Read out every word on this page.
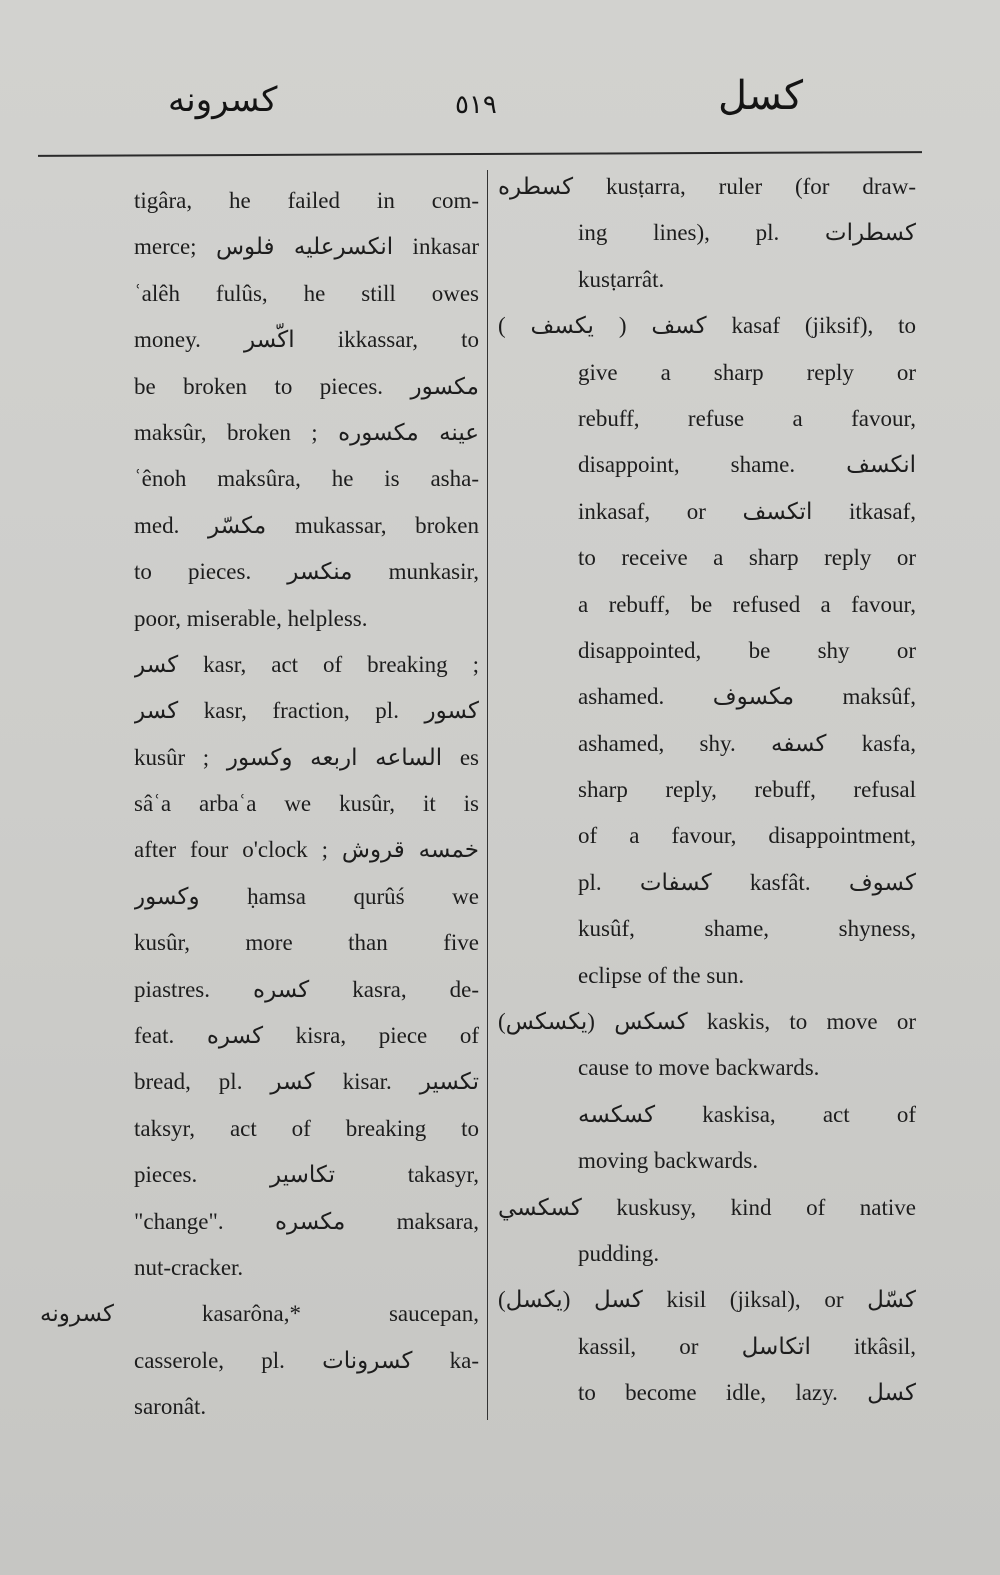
كسرونه	٥١٩	كسل
tigâra, he failed in com-
merce; انكسرعليه فلوس inkasar
ʿalêh fulûs, he still owes
money. اكّسر ikkassar, to
be broken to pieces. مكسور
maksûr, broken ; عينه مكسوره
ʿênoh maksûra, he is asha-
med. مكسّر mukassar, broken
to pieces. منكسر munkasir,
poor, miserable, helpless.
كسر kasr, act of breaking ;
كسر kasr, fraction, pl. كسور
kusûr ; الساعه اربعه وكسور es
sâʿa arbaʿa we kusûr, it is
after four o'clock ; خمسه قروش
وكسور ḥamsa qurûś we
kusûr, more than five
piastres. كسره kasra, de-
feat. كسره kisra, piece of
bread, pl. كسر kisar. تكسير
taksyr, act of breaking to
pieces. تكاسير takasyr,
"change". مكسره maksara,
nut-cracker.
كسرونه kasarôna,* saucepan,
casserole, pl. كسرونات ka-
saronât.
كسطره kusṭarra, ruler (for draw-
ing lines), pl. كسطرات
kusṭarrât.
كسف ( يكسف ) kasaf (jiksif), to
give a sharp reply or
rebuff, refuse a favour,
disappoint, shame. انكسف
inkasaf, or اتكسف itkasaf,
to receive a sharp reply or
a rebuff, be refused a favour,
disappointed, be shy or
ashamed. مكسوف maksûf,
ashamed, shy. كسفه kasfa,
sharp reply, rebuff, refusal
of a favour, disappointment,
pl. كسفات kasfât. كسوف
kusûf, shame, shyness,
eclipse of the sun.
كسكس (يكسكس) kaskis, to move or
cause to move backwards.
كسكسه kaskisa, act of
moving backwards.
كسكسي kuskusy, kind of native
pudding.
كسل (يكسل) kisil (jiksal), or كسّل
kassil, or اتكاسل itkâsil,
to become idle, lazy. كسل
